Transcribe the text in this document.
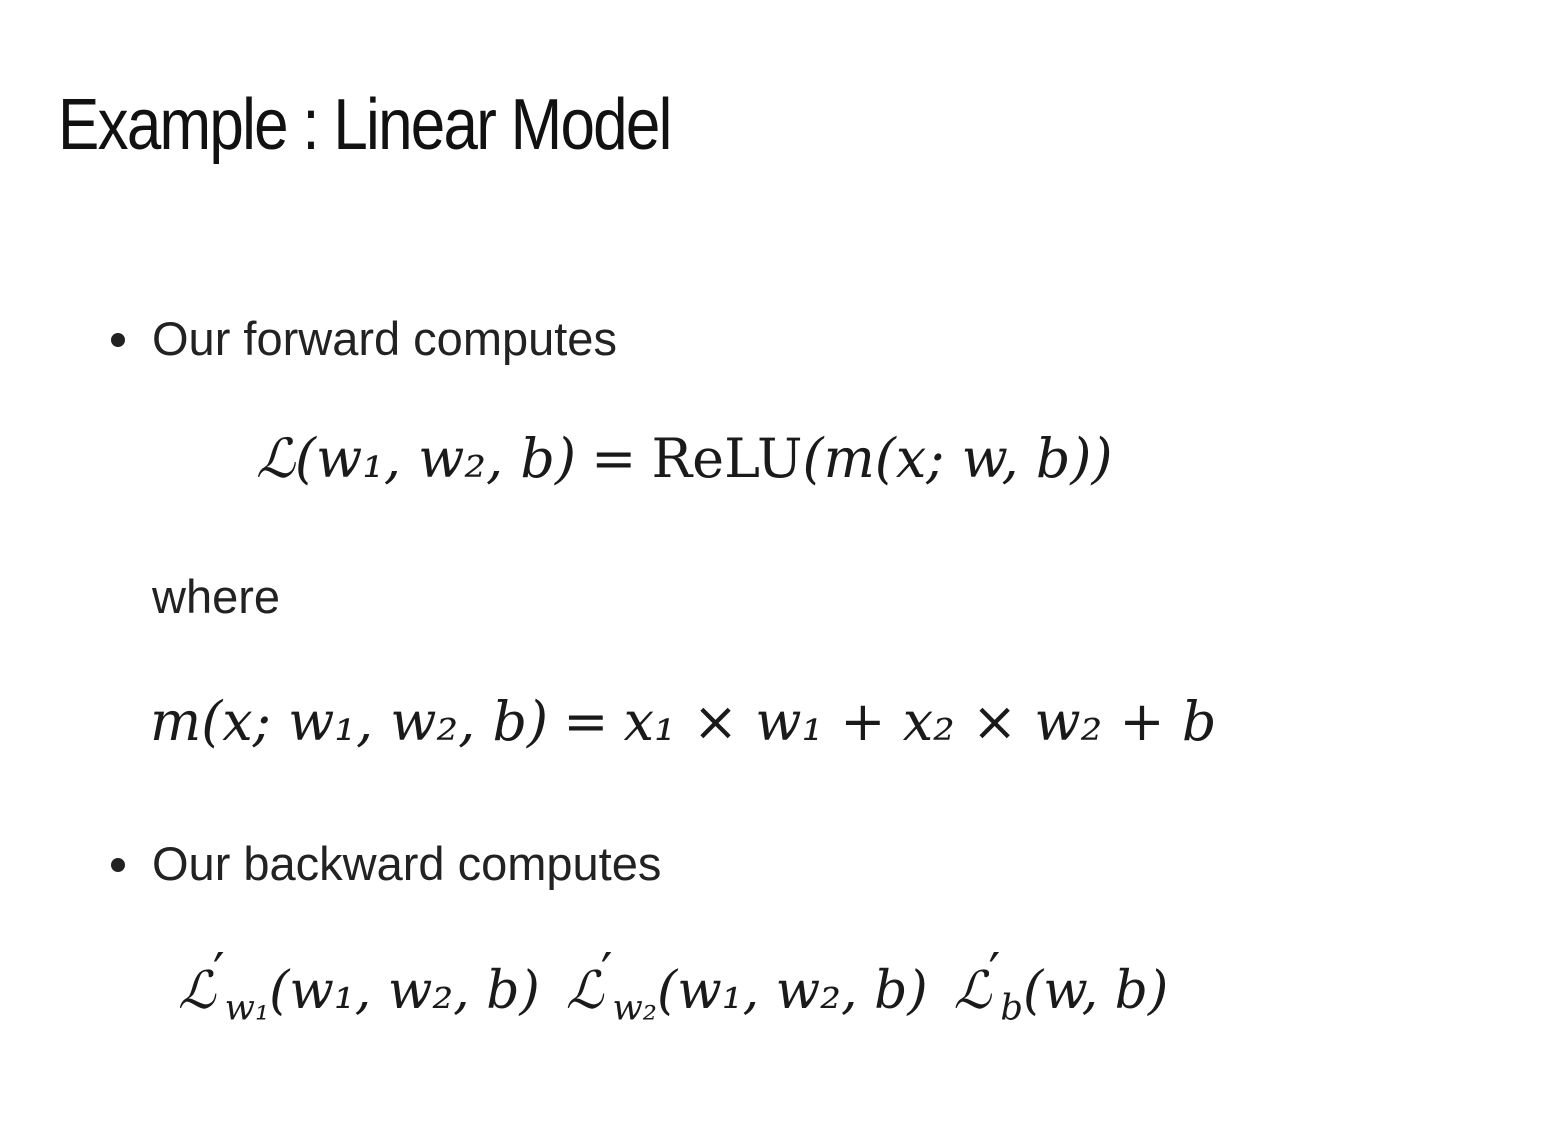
Example : Linear Model
Our forward computes
ℒ(w₁, w₂, b) = ReLU(m(x; w, b))
where
m(x; w₁, w₂, b) = x₁ × w₁ + x₂ × w₂ + b
Our backward computes
$ℒ'_{w_1}(w_1$, w₂, b) $ℒ'_{w_2}(w_1$, w₂, b) $ℒ'_b(w$, b)
